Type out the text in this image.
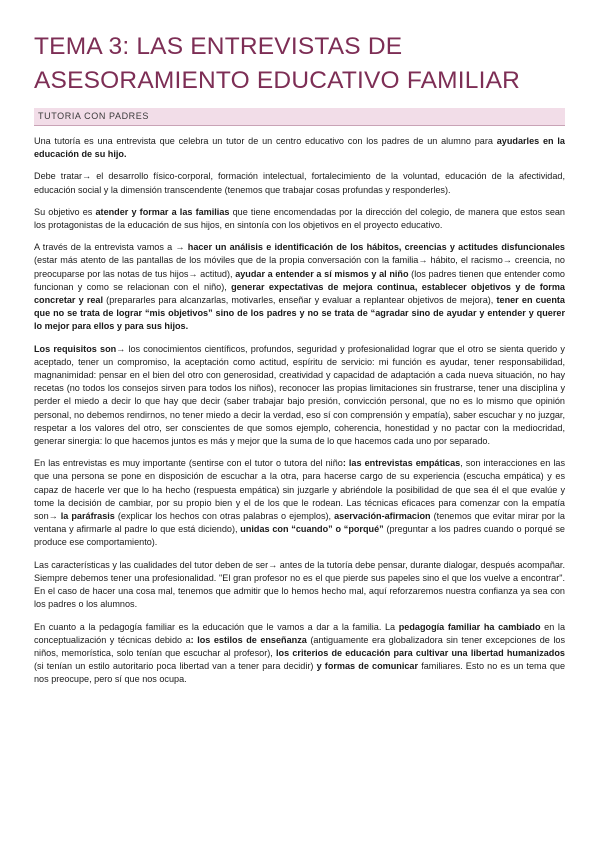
TEMA 3: LAS ENTREVISTAS DE
ASESORAMIENTO EDUCATIVO FAMILIAR
TUTORIA CON PADRES

Una tutoría es una entrevista que celebra un tutor de un centro educativo con los padres de un alumno para ayudarles en la educación de su hijo.

Debe tratar→ el desarrollo físico-corporal, formación intelectual, fortalecimiento de la voluntad, educación de la afectividad, educación social y la dimensión transcendente (tenemos que trabajar cosas profundas y responderles).

Su objetivo es atender y formar a las familias que tiene encomendadas por la dirección del colegio, de manera que estos sean los protagonistas de la educación de sus hijos, en sintonía con los objetivos en el proyecto educativo.

A través de la entrevista vamos a → hacer un análisis e identificación de los hábitos, creencias y actitudes disfuncionales (estar más atento de las pantallas de los móviles que de la propia conversación con la familia→ hábito, el racismo→ creencia, no preocuparse por las notas de tus hijos→ actitud), ayudar a entender a sí mismos y al niño (los padres tienen que entender como funcionan y como se relacionan con el niño), generar expectativas de mejora continua, establecer objetivos y de forma concretar y real (prepararles para alcanzarlas, motivarles, enseñar y evaluar a replantear objetivos de mejora), tener en cuenta que no se trata de lograr “mis objetivos” sino de los padres y no se trata de “agradar sino de ayudar y entender y querer lo mejor para ellos y para sus hijos.

Los requisitos son→ los conocimientos científicos, profundos, seguridad y profesionalidad lograr que el otro se sienta querido y aceptado, tener un compromiso, la aceptación como actitud, espíritu de servicio: mi función es ayudar, tener responsabilidad, magnanimidad: pensar en el bien del otro con generosidad, creatividad y capacidad de adaptación a cada nueva situación, no hay recetas (no todos los consejos sirven para todos los niños), reconocer las propias limitaciones sin frustrarse, tener una disciplina y perder el miedo a decir lo que hay que decir (saber trabajar bajo presión, convicción personal, que no es lo mismo que opinión personal, no debemos rendirnos, no tener miedo a decir la verdad, eso sí con comprensión y empatía), saber escuchar y no juzgar, respetar a los valores del otro, ser conscientes de que somos ejemplo, coherencia, honestidad y no pactar con la mediocridad, generar sinergia: lo que hacemos juntos es más y mejor que la suma de lo que hacemos cada uno por separado.

En las entrevistas es muy importante (sentirse con el tutor o tutora del niño: las entrevistas empáticas, son interacciones en las que una persona se pone en disposición de escuchar a la otra, para hacerse cargo de su experiencia (escucha empática) y es capaz de hacerle ver que lo ha hecho (respuesta empática) sin juzgarle y abriéndole la posibilidad de que sea él el que evalúe y tome la decisión de cambiar, por su propio bien y el de los que le rodean. Las técnicas eficaces para comenzar con la empatía son→ la paráfrasis (explicar los hechos con otras palabras o ejemplos), aservación-afirmacion (tenemos que evitar mirar por la ventana y afirmarle al padre lo que está diciendo), unidas con “cuando” o “porqué” (preguntar a los padres cuando o porqué se produce ese comportamiento).

Las características y las cualidades del tutor deben de ser→ antes de la tutoría debe pensar, durante dialogar, después acompañar. Siempre debemos tener una profesionalidad. "El gran profesor no es el que pierde sus papeles sino el que los vuelve a encontrar". En el caso de hacer una cosa mal, tenemos que admitir que lo hemos hecho mal, aquí reforzaremos nuestra confianza ya sea con los padres o los alumnos.

En cuanto a la pedagogía familiar es la educación que le vamos a dar a la familia. La pedagogía familiar ha cambiado en la conceptualización y técnicas debido a: los estilos de enseñanza (antiguamente era globalizadora sin tener excepciones de los niños, memorística, solo tenían que escuchar al profesor), los criterios de educación para cultivar una libertad humanizados (si tenían un estilo autoritario poca libertad van a tener para decidir) y formas de comunicar familiares. Esto no es un tema que nos preocupe, pero sí que nos ocupa.
